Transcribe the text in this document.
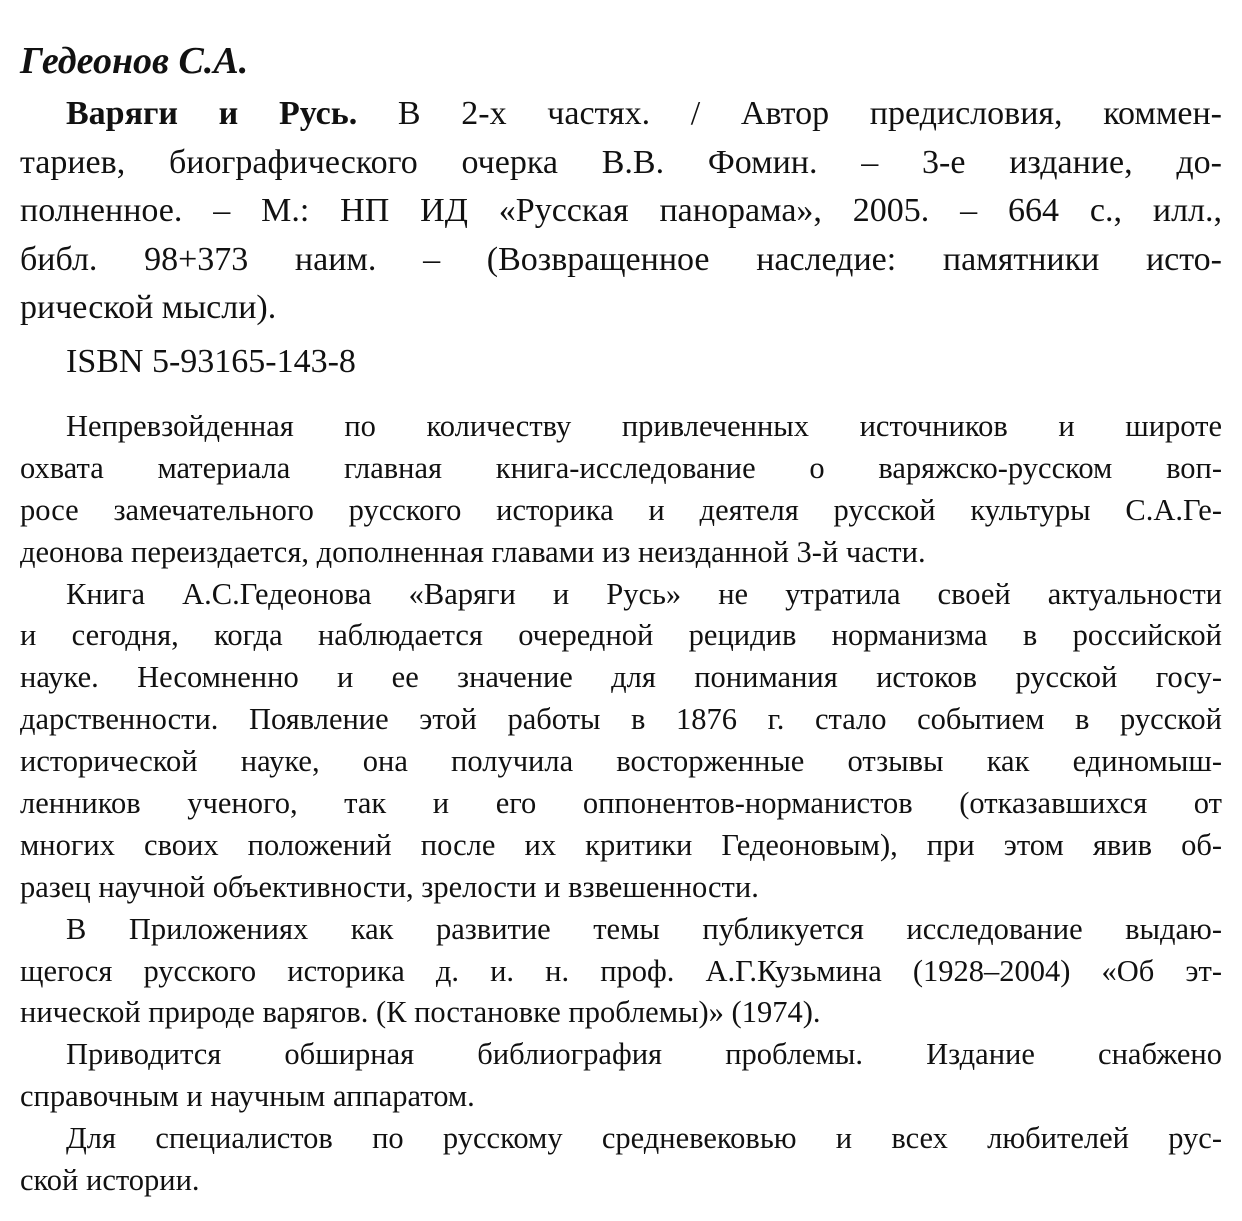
Гедеонов С.А.
Варяги и Русь. В 2-х частях. / Автор предисловия, коммен-
тариев, биографического очерка В.В. Фомин. – 3-е издание, до-
полненное. – М.: НП ИД «Русская панорама», 2005. – 664 с., илл.,
библ. 98+373 наим. – (Возвращенное наследие: памятники исто-
рической мысли).
ISBN 5-93165-143-8
Непревзойденная по количеству привлеченных источников и широте
охвата материала главная книга-исследование о варяжско-русском воп-
росе замечательного русского историка и деятеля русской культуры С.А.Ге-
деонова переиздается, дополненная главами из неизданной 3-й части.
Книга А.С.Гедеонова «Варяги и Русь» не утратила своей актуальности
и сегодня, когда наблюдается очередной рецидив норманизма в российской
науке. Несомненно и ее значение для понимания истоков русской госу-
дарственности. Появление этой работы в 1876 г. стало событием в русской
исторической науке, она получила восторженные отзывы как единомыш-
ленников ученого, так и его оппонентов-норманистов (отказавшихся от
многих своих положений после их критики Гедеоновым), при этом явив об-
разец научной объективности, зрелости и взвешенности.
В Приложениях как развитие темы публикуется исследование выдаю-
щегося русского историка д. и. н. проф. А.Г.Кузьмина (1928–2004) «Об эт-
нической природе варягов. (К постановке проблемы)» (1974).
Приводится обширная библиография проблемы. Издание снабжено
справочным и научным аппаратом.
Для специалистов по русскому средневековью и всех любителей рус-
ской истории.
